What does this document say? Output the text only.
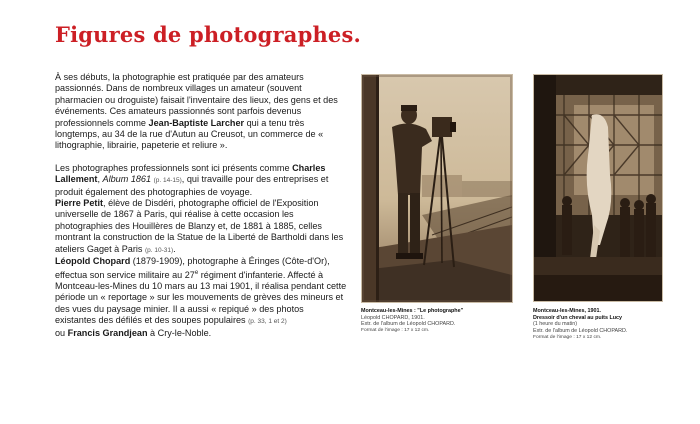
Figures de photographes.

À ses débuts, la photographie est pratiquée par des amateurs passionnés. Dans de nombreux villages un amateur (souvent pharmacien ou droguiste) faisait l'inventaire des lieux, des gens et des événements. Ces amateurs passionnés sont parfois devenus professionnels comme Jean-Baptiste Larcher qui a tenu très longtemps, au 34 de la rue d'Autun au Creusot, un commerce de « lithographie, librairie, papeterie et reliure ».

Les photographes professionnels sont ici présents comme Charles Lallement, Album 1861 (p. 14-15), qui travaille pour des entreprises et produit également des photographies de voyage.

Pierre Petit, élève de Disdéri, photographe officiel de l'Exposition universelle de 1867 à Paris, qui réalise à cette occasion les photographies des Houillères de Blanzy et, de 1881 à 1885, celles montrant la construction de la Statue de la Liberté de Bartholdi dans les ateliers Gaget à Paris (p. 10-31).

Léopold Chopard (1879-1909), photographe à Éringes (Côte-d'Or), effectua son service militaire au 27e régiment d'infanterie. Affecté à Montceau-les-Mines du 10 mars au 13 mai 1901, il réalisa pendant cette période un « reportage » sur les mouvements de grèves des mineurs et des vues du paysage minier. Il a aussi « repiqué » des photos existantes des défilés et des soupes populaires (p. 33, 1 et 2)

ou Francis Grandjean à Cry-le-Noble.

Montceau-les-Mines : "Le photographe"
Léopold CHOPARD, 1901.
Extr. de l'album de Léopold CHOPARD.
Format de l'image : 17 x 12 cm.
Montceau-les-Mines, 1901.
Dressoir d'un cheval au puits Lucy
(1 heure du matin)
Extr. de l'album de Léopold CHOPARD.
Format de l'image : 17 x 12 cm.
